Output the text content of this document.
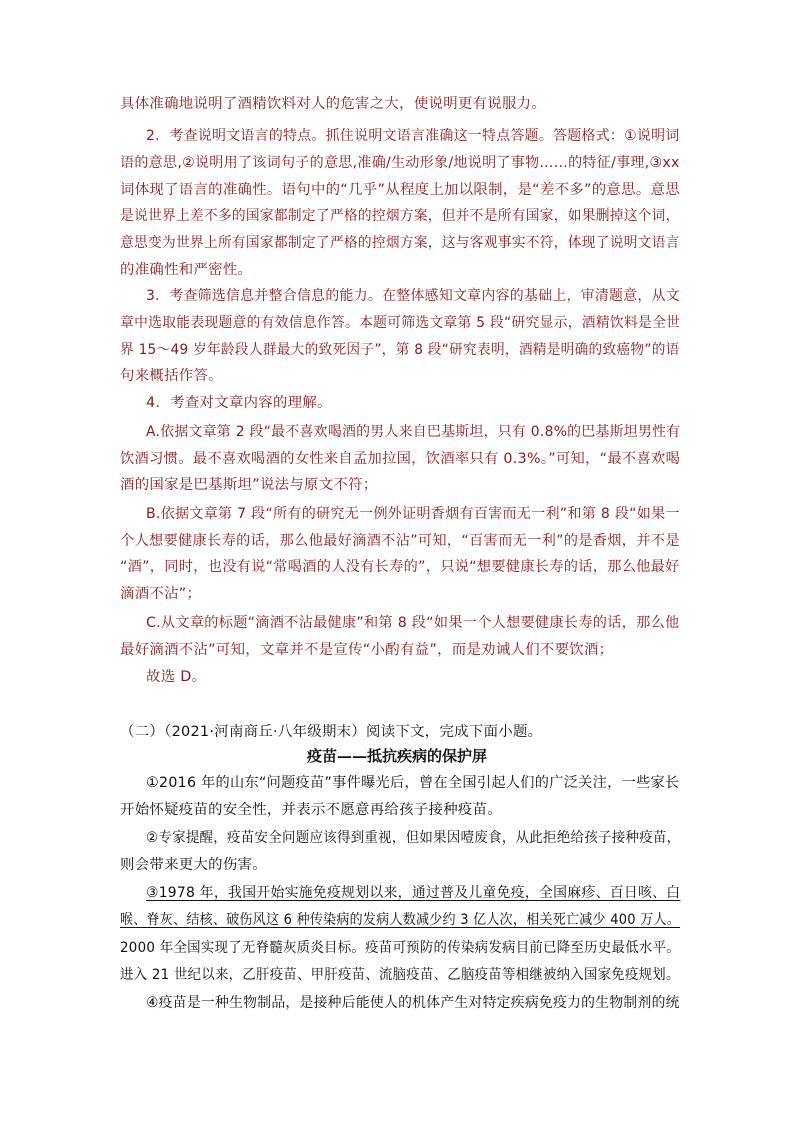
具体准确地说明了酒精饮料对人的危害之大，使说明更有说服力。
2．考查说明文语言的特点。抓住说明文语言准确这一特点答题。答题格式：①说明词
语的意思,②说明用了该词句子的意思,准确/生动形象/地说明了事物……的特征/事理,③xx
词体现了语言的准确性。语句中的“几乎”从程度上加以限制，是“差不多”的意思。意思
是说世界上差不多的国家都制定了严格的控烟方案，但并不是所有国家，如果删掉这个词，
意思变为世界上所有国家都制定了严格的控烟方案，这与客观事实不符，体现了说明文语言
的准确性和严密性。
3．考查筛选信息并整合信息的能力。在整体感知文章内容的基础上，审清题意，从文
章中选取能表现题意的有效信息作答。本题可筛选文章第 5 段“研究显示，酒精饮料是全世
界 15～49 岁年龄段人群最大的致死因子”，第 8 段“研究表明，酒精是明确的致癌物”的语
句来概括作答。
4．考查对文章内容的理解。
A.依据文章第 2 段“最不喜欢喝酒的男人来自巴基斯坦，只有 0.8%的巴基斯坦男性有
饮酒习惯。最不喜欢喝酒的女性来自孟加拉国，饮酒率只有 0.3%。”可知，“最不喜欢喝
酒的国家是巴基斯坦”说法与原文不符；
B.依据文章第 7 段“所有的研究无一例外证明香烟有百害而无一利”和第 8 段“如果一
个人想要健康长寿的话，那么他最好滴酒不沾”可知，“百害而无一利”的是香烟，并不是
“酒”，同时，也没有说“常喝酒的人没有长寿的”，只说“想要健康长寿的话，那么他最好
滴酒不沾”；
C.从文章的标题“滴酒不沾最健康”和第 8 段“如果一个人想要健康长寿的话，那么他
最好滴酒不沾”可知，文章并不是宣传“小酌有益”，而是劝诫人们不要饮酒；
故选 D。
（二）（2021·河南商丘·八年级期末）阅读下文，完成下面小题。
疫苗——抵抗疾病的保护屏
①2016 年的山东“问题疫苗”事件曝光后，曾在全国引起人们的广泛关注，一些家长
开始怀疑疫苗的安全性，并表示不愿意再给孩子接种疫苗。
②专家提醒，疫苗安全问题应该得到重视，但如果因噎废食，从此拒绝给孩子接种疫苗，
则会带来更大的伤害。
③1978 年，我国开始实施免疫规划以来，通过普及儿童免疫，全国麻疹、百日咳、白
喉、脊灰、结核、破伤风这 6 种传染病的发病人数减少约 3 亿人次，相关死亡减少 400 万人。
2000 年全国实现了无脊髓灰质炎目标。疫苗可预防的传染病发病目前已降至历史最低水平。
进入 21 世纪以来，乙肝疫苗、甲肝疫苗、流脑疫苗、乙脑疫苗等相继被纳入国家免疫规划。
④疫苗是一种生物制品，是接种后能使人的机体产生对特定疾病免疫力的生物制剂的统
